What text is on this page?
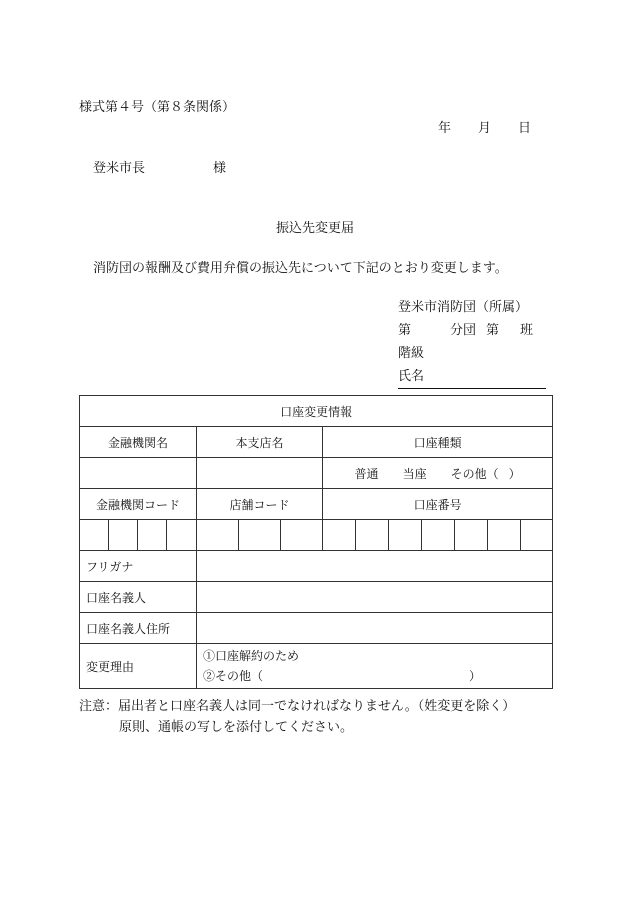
様式第４号（第８条関係）
年 月 日
登米市長	様
振込先変更届
消防団の報酬及び費用弁償の振込先について下記のとおり変更します。
登米市消防団（所属）
第	分団 第 班
階級
氏名
口座変更情報													
金融機関名				本支店名			口座種類						
							普通 当座 その他（ ）						
金融機関コード				店舗コード			口座番号						

フリガナ													
口座名義人													
口座名義人住所													
変更理由				①口座解約のため
②その他（ ）									
注意：届出者と口座名義人は同一でなければなりません。（姓変更を除く）
原則、通帳の写しを添付してください。
